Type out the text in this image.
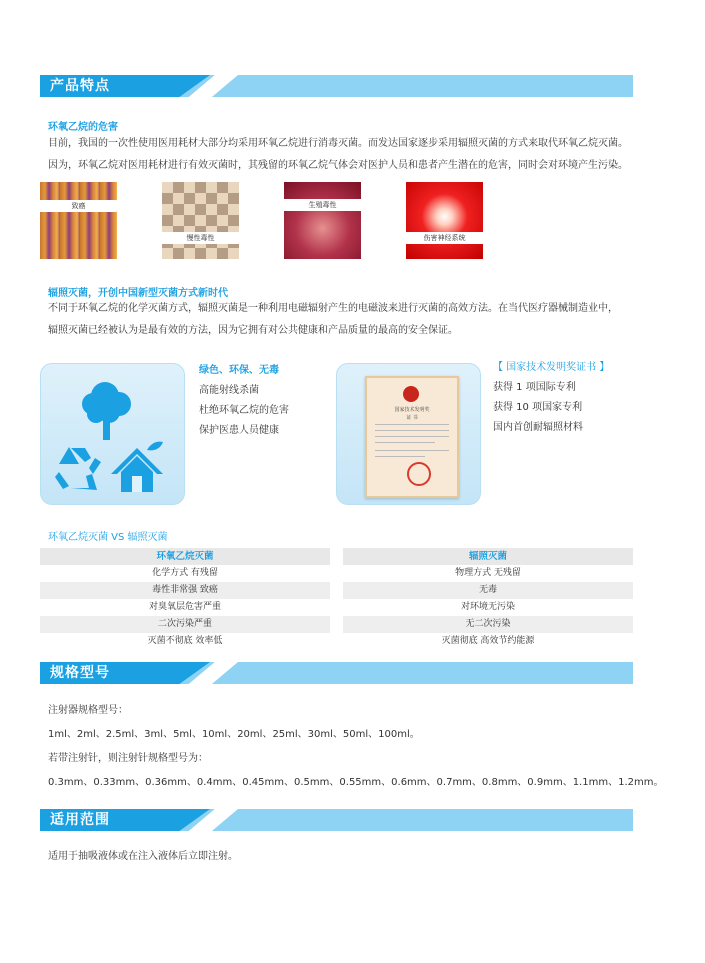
产品特点
环氧乙烷的危害
目前，我国的一次性使用医用耗材大部分均采用环氧乙烷进行消毒灭菌。而发达国家逐步采用辐照灭菌的方式来取代环氧乙烷灭菌。
因为，环氧乙烷对医用耗材进行有效灭菌时，其残留的环氧乙烷气体会对医护人员和患者产生潜在的危害，同时会对环境产生污染。
致癌
慢性毒性
生殖毒性
伤害神经系统
辐照灭菌，开创中国新型灭菌方式新时代
不同于环氧乙烷的化学灭菌方式，辐照灭菌是一种利用电磁辐射产生的电磁波来进行灭菌的高效方法。在当代医疗器械制造业中，
辐照灭菌已经被认为是最有效的方法，因为它拥有对公共健康和产品质量的最高的安全保证。
绿色、环保、无毒
高能射线杀菌
杜绝环氧乙烷的危害
保护医患人员健康
国家技术发明奖
证 书
【 国家技术发明奖证书 】
获得 1 项国际专利
获得 10 项国家专利
国内首创耐辐照材料
环氧乙烷灭菌 VS 辐照灭菌
环氧乙烷灭菌	辐照灭菌
化学方式 有残留	物理方式 无残留
毒性非常强 致癌	无毒
对臭氧层危害严重	对环境无污染
二次污染严重	无二次污染
灭菌不彻底 效率低	灭菌彻底 高效节约能源
规格型号
注射器规格型号：
1ml、2ml、2.5ml、3ml、5ml、10ml、20ml、25ml、30ml、50ml、100ml。
若带注射针，则注射针规格型号为：
0.3mm、0.33mm、0.36mm、0.4mm、0.45mm、0.5mm、0.55mm、0.6mm、0.7mm、0.8mm、0.9mm、1.1mm、1.2mm。
适用范围
适用于抽吸液体或在注入液体后立即注射。
